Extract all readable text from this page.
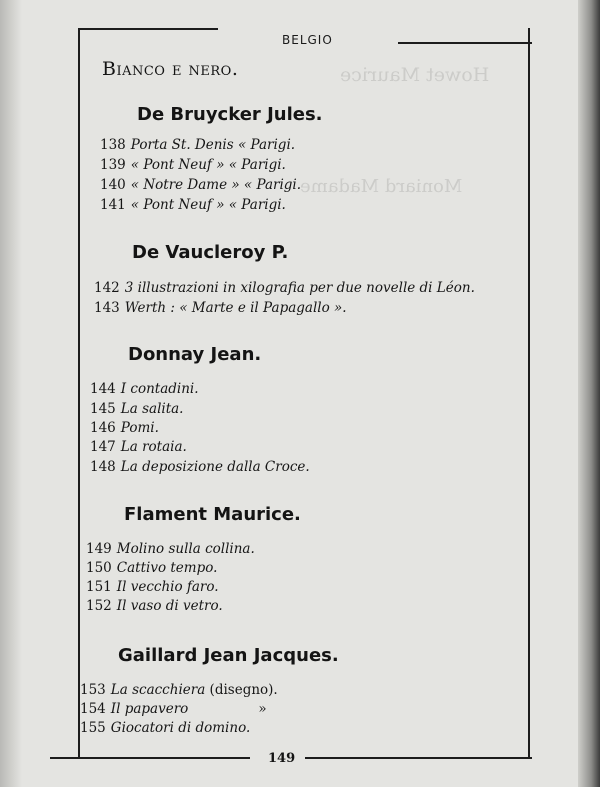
Howet Maurice
Moniard Madame
BELGIO
Bianco e nero.
De Bruycker Jules.
138 Porta St. Denis « Parigi.
139 « Pont Neuf » « Parigi.
140 « Notre Dame » « Parigi.
141 « Pont Neuf » « Parigi.
De Vaucleroy P.
142 3 illustrazioni in xilografia per due novelle di Léon.
143 Werth : « Marte e il Papagallo ».
Donnay Jean.
144 I contadini.
145 La salita.
146 Pomi.
147 La rotaia.
148 La deposizione dalla Croce.
Flament Maurice.
149 Molino sulla collina.
150 Cattivo tempo.
151 Il vecchio faro.
152 Il vaso di vetro.
Gaillard Jean Jacques.
153 La scacchiera (disegno).
154 Il papavero	»
155 Giocatori di domino.
149
